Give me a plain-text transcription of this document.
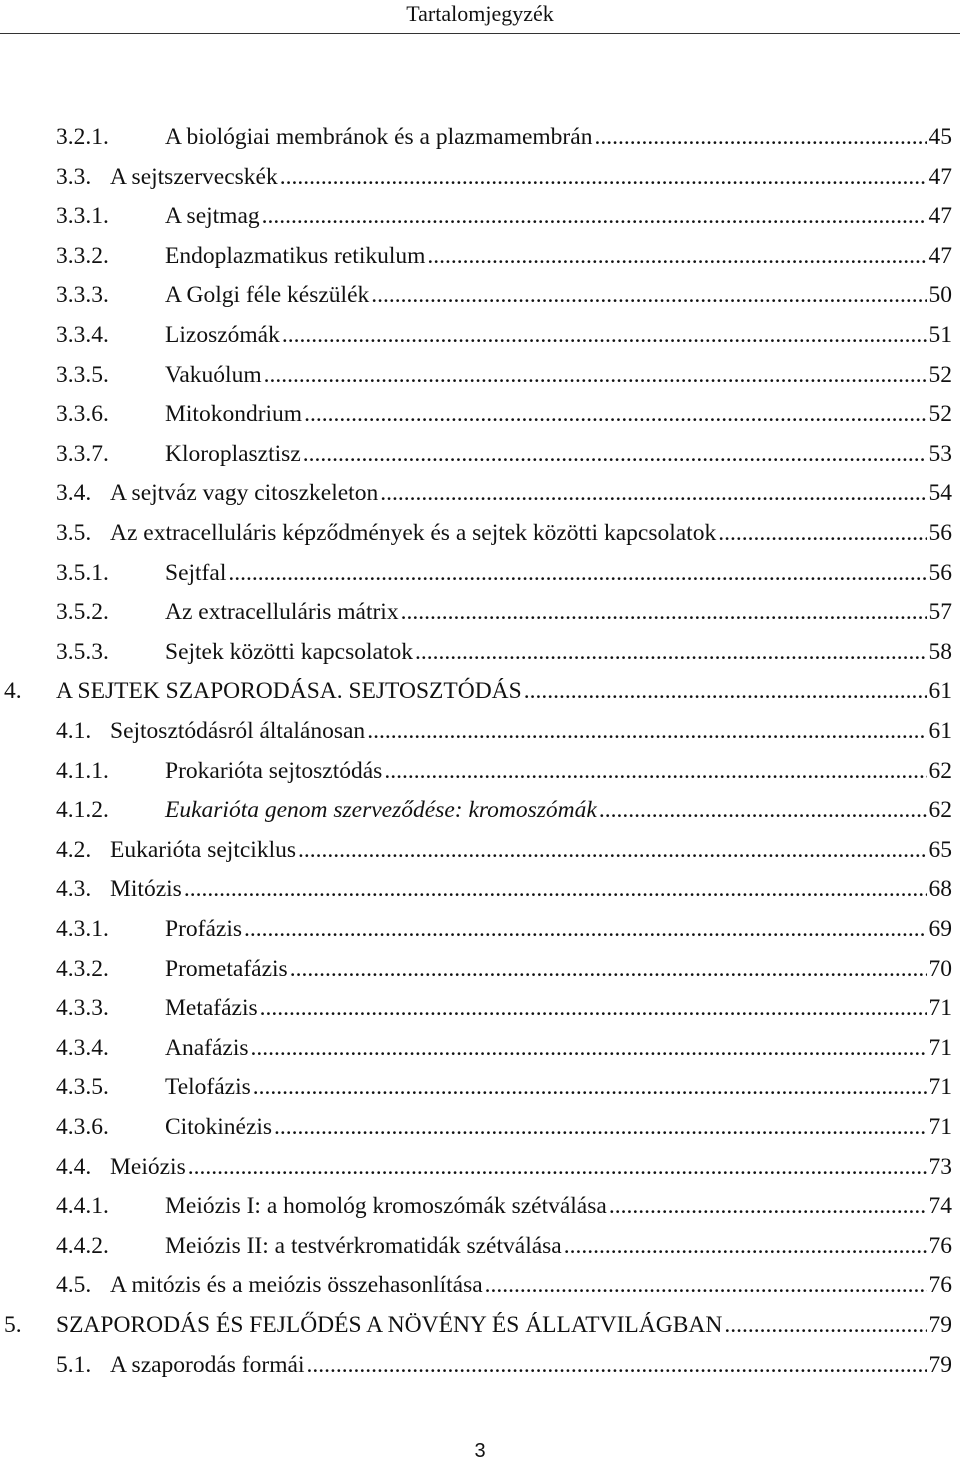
Tartalomjegyzék
3.2.1.	A biológiai membránok és a plazmamembrán .....	45
3.3. A sejtszervecskék .....	47
3.3.1.	A sejtmag .....	47
3.3.2.	Endoplazmatikus retikulum .....	47
3.3.3.	A Golgi féle készülék .....	50
3.3.4.	Lizoszómák .....	51
3.3.5.	Vakuólum .....	52
3.3.6.	Mitokondrium .....	52
3.3.7.	Kloroplasztisz .....	53
3.4. A sejtváz vagy citoszkeleton .....	54
3.5. Az extracelluláris képződmények és a sejtek közötti kapcsolatok .....	56
3.5.1.	Sejtfal .....	56
3.5.2.	Az extracelluláris mátrix .....	57
3.5.3.	Sejtek közötti kapcsolatok .....	58
4.	A SEJTEK SZAPORODÁSA. SEJTOSZTÓDÁS .....	61
4.1. Sejtosztódásról általánosan .....	61
4.1.1.	Prokarióta sejtosztódás .....	62
4.1.2.	Eukarióta genom szerveződése: kromoszómák .....	62
4.2. Eukarióta sejtciklus .....	65
4.3. Mitózis .....	68
4.3.1.	Profázis .....	69
4.3.2.	Prometafázis .....	70
4.3.3.	Metafázis .....	71
4.3.4.	Anafázis .....	71
4.3.5.	Telofázis .....	71
4.3.6.	Citokinézis .....	71
4.4. Meiózis .....	73
4.4.1.	Meiózis I: a homológ kromoszómák szétválása .....	74
4.4.2.	Meiózis II: a testvérkromatidák szétválása .....	76
4.5. A mitózis és a meiózis összehasonlítása .....	76
5.	SZAPORODÁS ÉS FEJLŐDÉS A NÖVÉNY ÉS ÁLLATVILÁGBAN .....	79
5.1. A szaporodás formái .....	79
3
